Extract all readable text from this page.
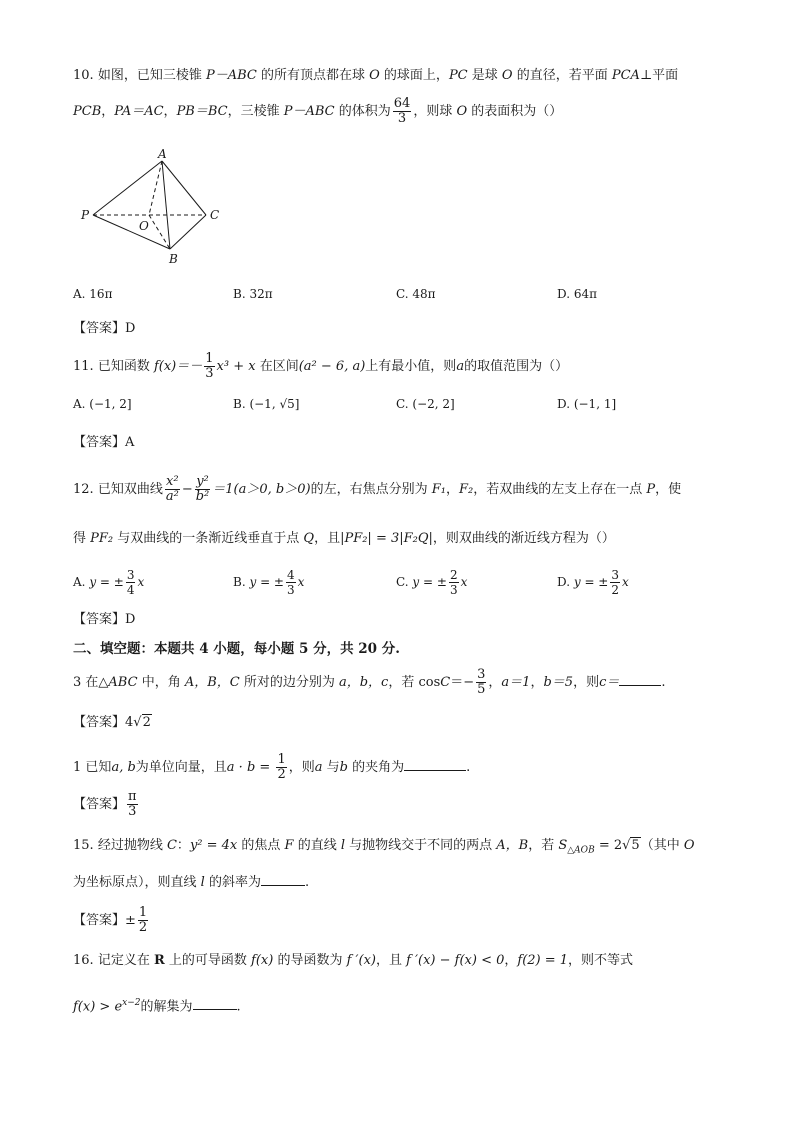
10. 如图，已知三棱锥 P－ABC 的所有顶点都在球 O 的球面上，PC 是球 O 的直径，若平面 PCA⊥平面
PCB，PA＝AC，PB＝BC，三棱锥 P－ABC 的体积为 $\frac{64}{3}$ ，则球 O 的表面积为（）
A
P	C
O
B
A. 16π	B. 32π	C. 48π	D. 64π
【答案】D
11. 已知函数 $f(x)=- \frac{1}{3} x^3 + x$ 在区间(a² − 6, a)上有最小值，则a的取值范围为（）
A. (−1, 2]	B. (−1, √5]	C. (−2, 2]	D. (−1, 1]
【答案】A
12. 已知双曲线 $\frac{\text{x²}}{\text{a²}} - \frac{\text{y²}}{\text{b²}} =1(a>0$, b＞0)的左，右焦点分别为 F₁，F₂，若双曲线的左支上存在一点 P，使
得 PF₂ 与双曲线的一条渐近线垂直于点 Q，且|PF₂| = 3|F₂Q|，则双曲线的渐近线方程为（）
A. y = ± $\frac{3}{4}$ x	B. y = ± $\frac{4}{3}$ x	C. y = ± $\frac{2}{3}$ x	D. y = ± $\frac{3}{2}$ x
【答案】D
二、填空题：本题共 4 小题，每小题 5 分，共 20 分.
3 在△ABC 中，角 A，B，C 所对的边分别为 a，b，c，若 $\cos C=- \frac{3}{5}$ ，a＝1，b＝5，则c＝	.
【答案】4√2
1 已知a, b为单位向量，且$a \cdot b = \frac{1}{2}$ ，则a 与b 的夹角为	.
【答案】 $\frac{\pi}{3}$
15. 经过抛物线 C：y² = 4x 的焦点 F 的直线 l 与抛物线交于不同的两点 A，B，若 $S_{\triangle AOB} = 2√5$（其中 O
为坐标原点），则直线 l 的斜率为	.
【答案】± $\frac{1}{2}$
16. 记定义在 R 上的可导函数 f(x) 的导函数为 f ′(x)，且 f ′(x) − f(x) < 0，f(2) = 1，则不等式
$f(x) > e^{x-2}$的解集为	.
